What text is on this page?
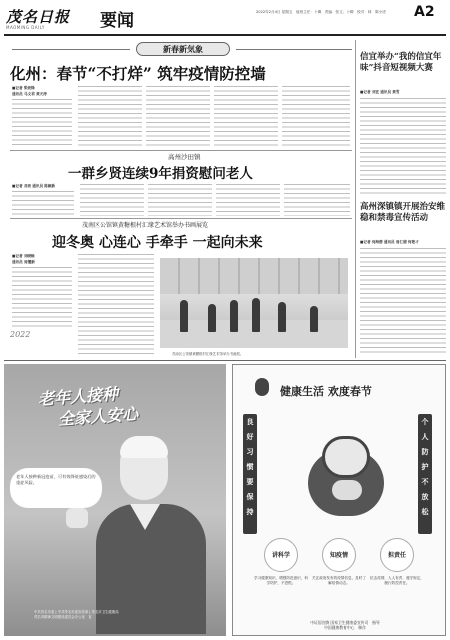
茂名日报
MAOMING DAILY	要闻	2022年2月4日 星期五　值班主任：卜卿　责编：张文；卜卿　校对：林　陈小虎 A2
新春新気象
化州：春节“不打烊” 筑牢疫情防控墙
■记者 梁贵锋
通讯员 马文君 黄天涛
信宜举办“我的信宜年味”抖音短视频大赛
■记者 刘宣 通讯员 黄雪
高州深镇镇开展治安维稳和禁毒宣传活动
■记者 何海僧 通讯员 周仁德 何艳才
高州沙田镇
一群乡贤连续9年捐资慰问老人
■记者 邓贵 通讯员 陈颖新
茂南区公馆镇黄糖根村汇缘艺术馆举办书画展览
迎冬奥 心连心 手牵手 一起向未来
■记者 刘晓畅
通讯员 周懂新
2022
茂南区公馆镇黄糖根村汇缘艺术馆举办书画展。
老年人接种
全家人安心
老年人接种新冠疫苗，可有效降低感染后的重症风险。
中共茂名市委 | 中共茂名市委宣传部 | 茂名市卫生健康局
茂名市精神文明建设委员会办公室　宣
健康生活 欢度春节
良
好
习
惯
要
保
持
个
人
防
护
不
放
松
讲科学
学习健康知识，增强防范意识，科学防护，不恐慌。
知疫情
关注政府发布的疫情信息，及时了解疫情动态。
担责任
抗击疫情，人人有责，遵守规定，履行防控责任。
中证国宣腾 国家卫生健康委宣传司　指导
中国健康教育中心　制作
